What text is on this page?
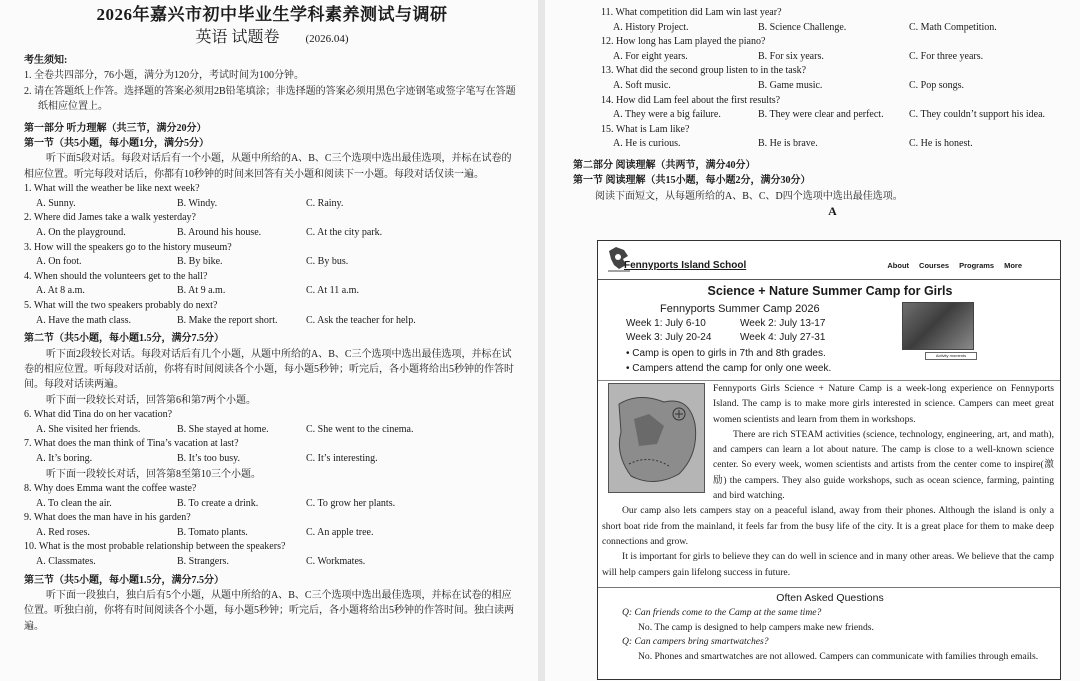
2026年嘉兴市初中毕业生学科素养测试与调研
英语 试题卷 (2026.04)
考生须知:
1. 全卷共四部分，76小题，满分为120分，考试时间为100分钟。
2. 请在答题纸上作答。选择题的答案必须用2B铅笔填涂；非选择题的答案必须用黑色字迹钢笔或签字笔写在答题纸相应位置上。
第一部分 听力理解（共三节，满分20分）
第一节（共5小题，每小题1分，满分5分）
听下面5段对话。每段对话后有一个小题，从题中所给的A、B、C三个选项中选出最佳选项，并标在试卷的相应位置。听完每段对话后，你都有10秒钟的时间来回答有关小题和阅读下一小题。每段对话仅读一遍。
1. What will the weather be like next week?
A. Sunny.	B. Windy.	C. Rainy.
2. Where did James take a walk yesterday?
A. On the playground.	B. Around his house.	C. At the city park.
3. How will the speakers go to the history museum?
A. On foot.	B. By bike.	C. By bus.
4. When should the volunteers get to the hall?
A. At 8 a.m.	B. At 9 a.m.	C. At 11 a.m.
5. What will the two speakers probably do next?
A. Have the math class.	B. Make the report short.	C. Ask the teacher for help.
第二节（共5小题，每小题1.5分，满分7.5分）
听下面2段较长对话。每段对话后有几个小题，从题中所给的A、B、C三个选项中选出最佳选项，并标在试卷的相应位置。听每段对话前，你将有时间阅读各个小题，每小题5秒钟；听完后，各小题将给出5秒钟的作答时间。每段对话读两遍。
听下面一段较长对话，回答第6和第7两个小题。
6. What did Tina do on her vacation?
A. She visited her friends.	B. She stayed at home.	C. She went to the cinema.
7. What does the man think of Tina’s vacation at last?
A. It’s boring.	B. It’s too busy.	C. It’s interesting.
听下面一段较长对话，回答第8至第10三个小题。
8. Why does Emma want the coffee waste?
A. To clean the air.	B. To create a drink.	C. To grow her plants.
9. What does the man have in his garden?
A. Red roses.	B. Tomato plants.	C. An apple tree.
10. What is the most probable relationship between the speakers?
A. Classmates.	B. Strangers.	C. Workmates.
第三节（共5小题，每小题1.5分，满分7.5分）
听下面一段独白，独白后有5个小题，从题中所给的A、B、C三个选项中选出最佳选项，并标在试卷的相应位置。听独白前，你将有时间阅读各个小题，每小题5秒钟；听完后，各小题将给出5秒钟的作答时间。独白读两遍。
11. What competition did Lam win last year?
A. History Project.	B. Science Challenge.	C. Math Competition.
12. How long has Lam played the piano?
A. For eight years.	B. For six years.	C. For three years.
13. What did the second group listen to in the task?
A. Soft music.	B. Game music.	C. Pop songs.
14. How did Lam feel about the first results?
A. They were a big failure.	B. They were clear and perfect.	C. They couldn’t support his idea.
15. What is Lam like?
A. He is curious.	B. He is brave.	C. He is honest.
第二部分 阅读理解（共两节，满分40分）
第一节 阅读理解（共15小题，每小题2分，满分30分）
阅读下面短文，从每题所给的A、B、C、D四个选项中选出最佳选项。
A
Fennyports Island School	About Courses Programs More
Science + Nature Summer Camp for Girls
Fennyports Summer Camp 2026
Week 1: July 6-10	Week 2: July 13-17
Week 3: July 20-24	Week 4: July 27-31
• Camp is open to girls in 7th and 8th grades.
• Campers attend the camp for only one week.
Activity moments

Fennyports Girls Science + Nature Camp is a week-long experience on Fennyports Island. The camp is to make more girls interested in science. Campers can meet great women scientists and learn from them in workshops.

There are rich STEAM activities (science, technology, engineering, art, and math), and campers can learn a lot about nature. The camp is close to a well-known science center. So every week, women scientists and artists from the center come to inspire(激励) the campers. They also guide workshops, such as ocean science, farming, painting and bird watching.

Our camp also lets campers stay on a peaceful island, away from their phones. Although the island is only a short boat ride from the mainland, it feels far from the busy life of the city. It is a great place for them to make deep connections and grow.

It is important for girls to believe they can do well in science and in many other areas. We believe that the camp will help campers gain lifelong success in future.

Often Asked Questions
Q: Can friends come to the Camp at the same time?
No. The camp is designed to help campers make new friends.
Q: Can campers bring smartwatches?
No. Phones and smartwatches are not allowed. Campers can communicate with families through emails.
